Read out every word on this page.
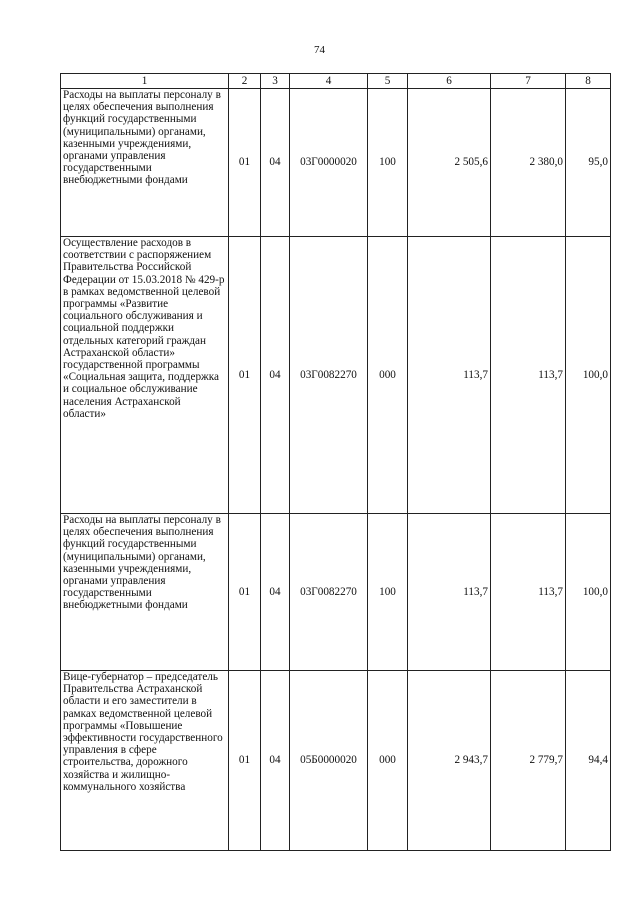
74
1	2	3	4	5	6	7	8
Расходы на выплаты персоналу в целях обеспечения выполнения функций государственными (муниципальными) органами, казенными учреждениями, органами управления государственными внебюджетными фондами	01	04	03Г0000020	100	2 505,6	2 380,0	95,0
Осуществление расходов в соответствии с распоряжением Правительства Российской Федерации от 15.03.2018 № 429-р в рамках ведомственной целевой программы «Развитие социального обслуживания и социальной поддержки отдельных категорий граждан Астраханской области» государственной программы «Социальная защита, поддержка и социальное обслуживание населения Астраханской области»	01	04	03Г0082270	000	113,7	113,7	100,0
Расходы на выплаты персоналу в целях обеспечения выполнения функций государственными (муниципальными) органами, казенными учреждениями, органами управления государственными внебюджетными фондами	01	04	03Г0082270	100	113,7	113,7	100,0
Вице-губернатор – председатель Правительства Астраханской области и его заместители в рамках ведомственной целевой программы «Повышение эффективности государственного управления в сфере строительства, дорожного хозяйства и жилищно-коммунального хозяйства	01	04	05Б0000020	000	2 943,7	2 779,7	94,4
